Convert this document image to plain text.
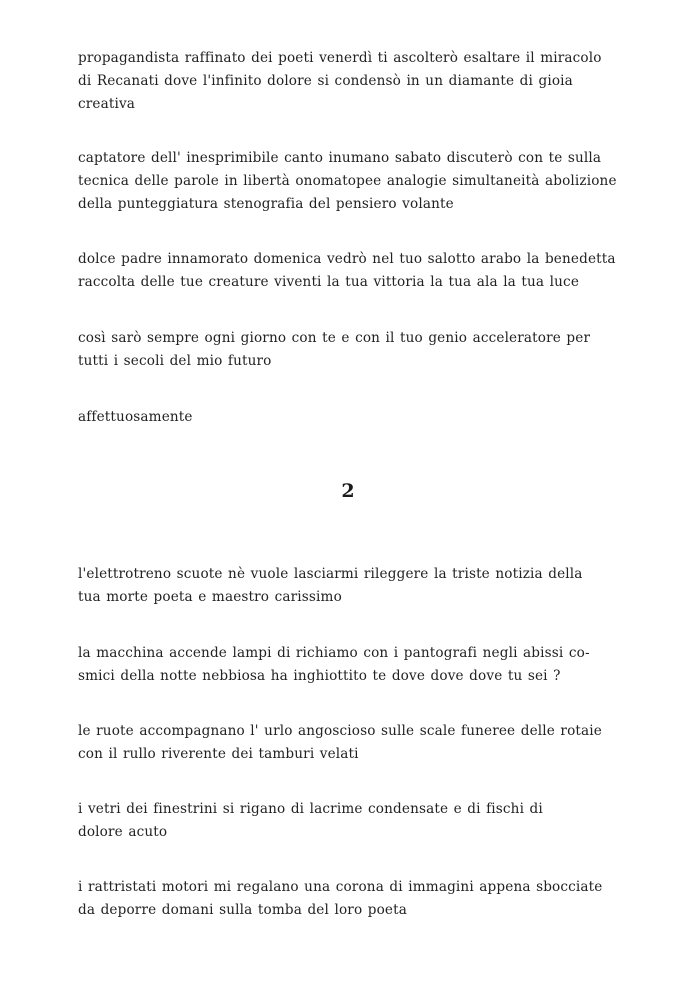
propagandista raffinato dei poeti venerdì ti ascolterò esaltare il miracolo
di Recanati dove l'infinito dolore si condensò in un diamante di gioia
creativa
captatore dell' inesprimibile canto inumano sabato discuterò con te sulla
tecnica delle parole in libertà onomatopee analogie simultaneità abolizione
della punteggiatura stenografia del pensiero volante
dolce padre innamorato domenica vedrò nel tuo salotto arabo la benedetta
raccolta delle tue creature viventi la tua vittoria la tua ala la tua luce
così sarò sempre ogni giorno con te e con il tuo genio acceleratore per
tutti i secoli del mio futuro
affettuosamente
2
l'elettrotreno scuote nè vuole lasciarmi rileggere la triste notizia della
tua morte poeta e maestro carissimo
la macchina accende lampi di richiamo con i pantografi negli abissi co-
smici della notte nebbiosa ha inghiottito te dove dove dove tu sei ?
le ruote accompagnano l' urlo angoscioso sulle scale funeree delle rotaie
con il rullo riverente dei tamburi velati
i vetri dei finestrini si rigano di lacrime condensate e di fischi di
dolore acuto
i rattristati motori mi regalano una corona di immagini appena sbocciate
da deporre domani sulla tomba del loro poeta
